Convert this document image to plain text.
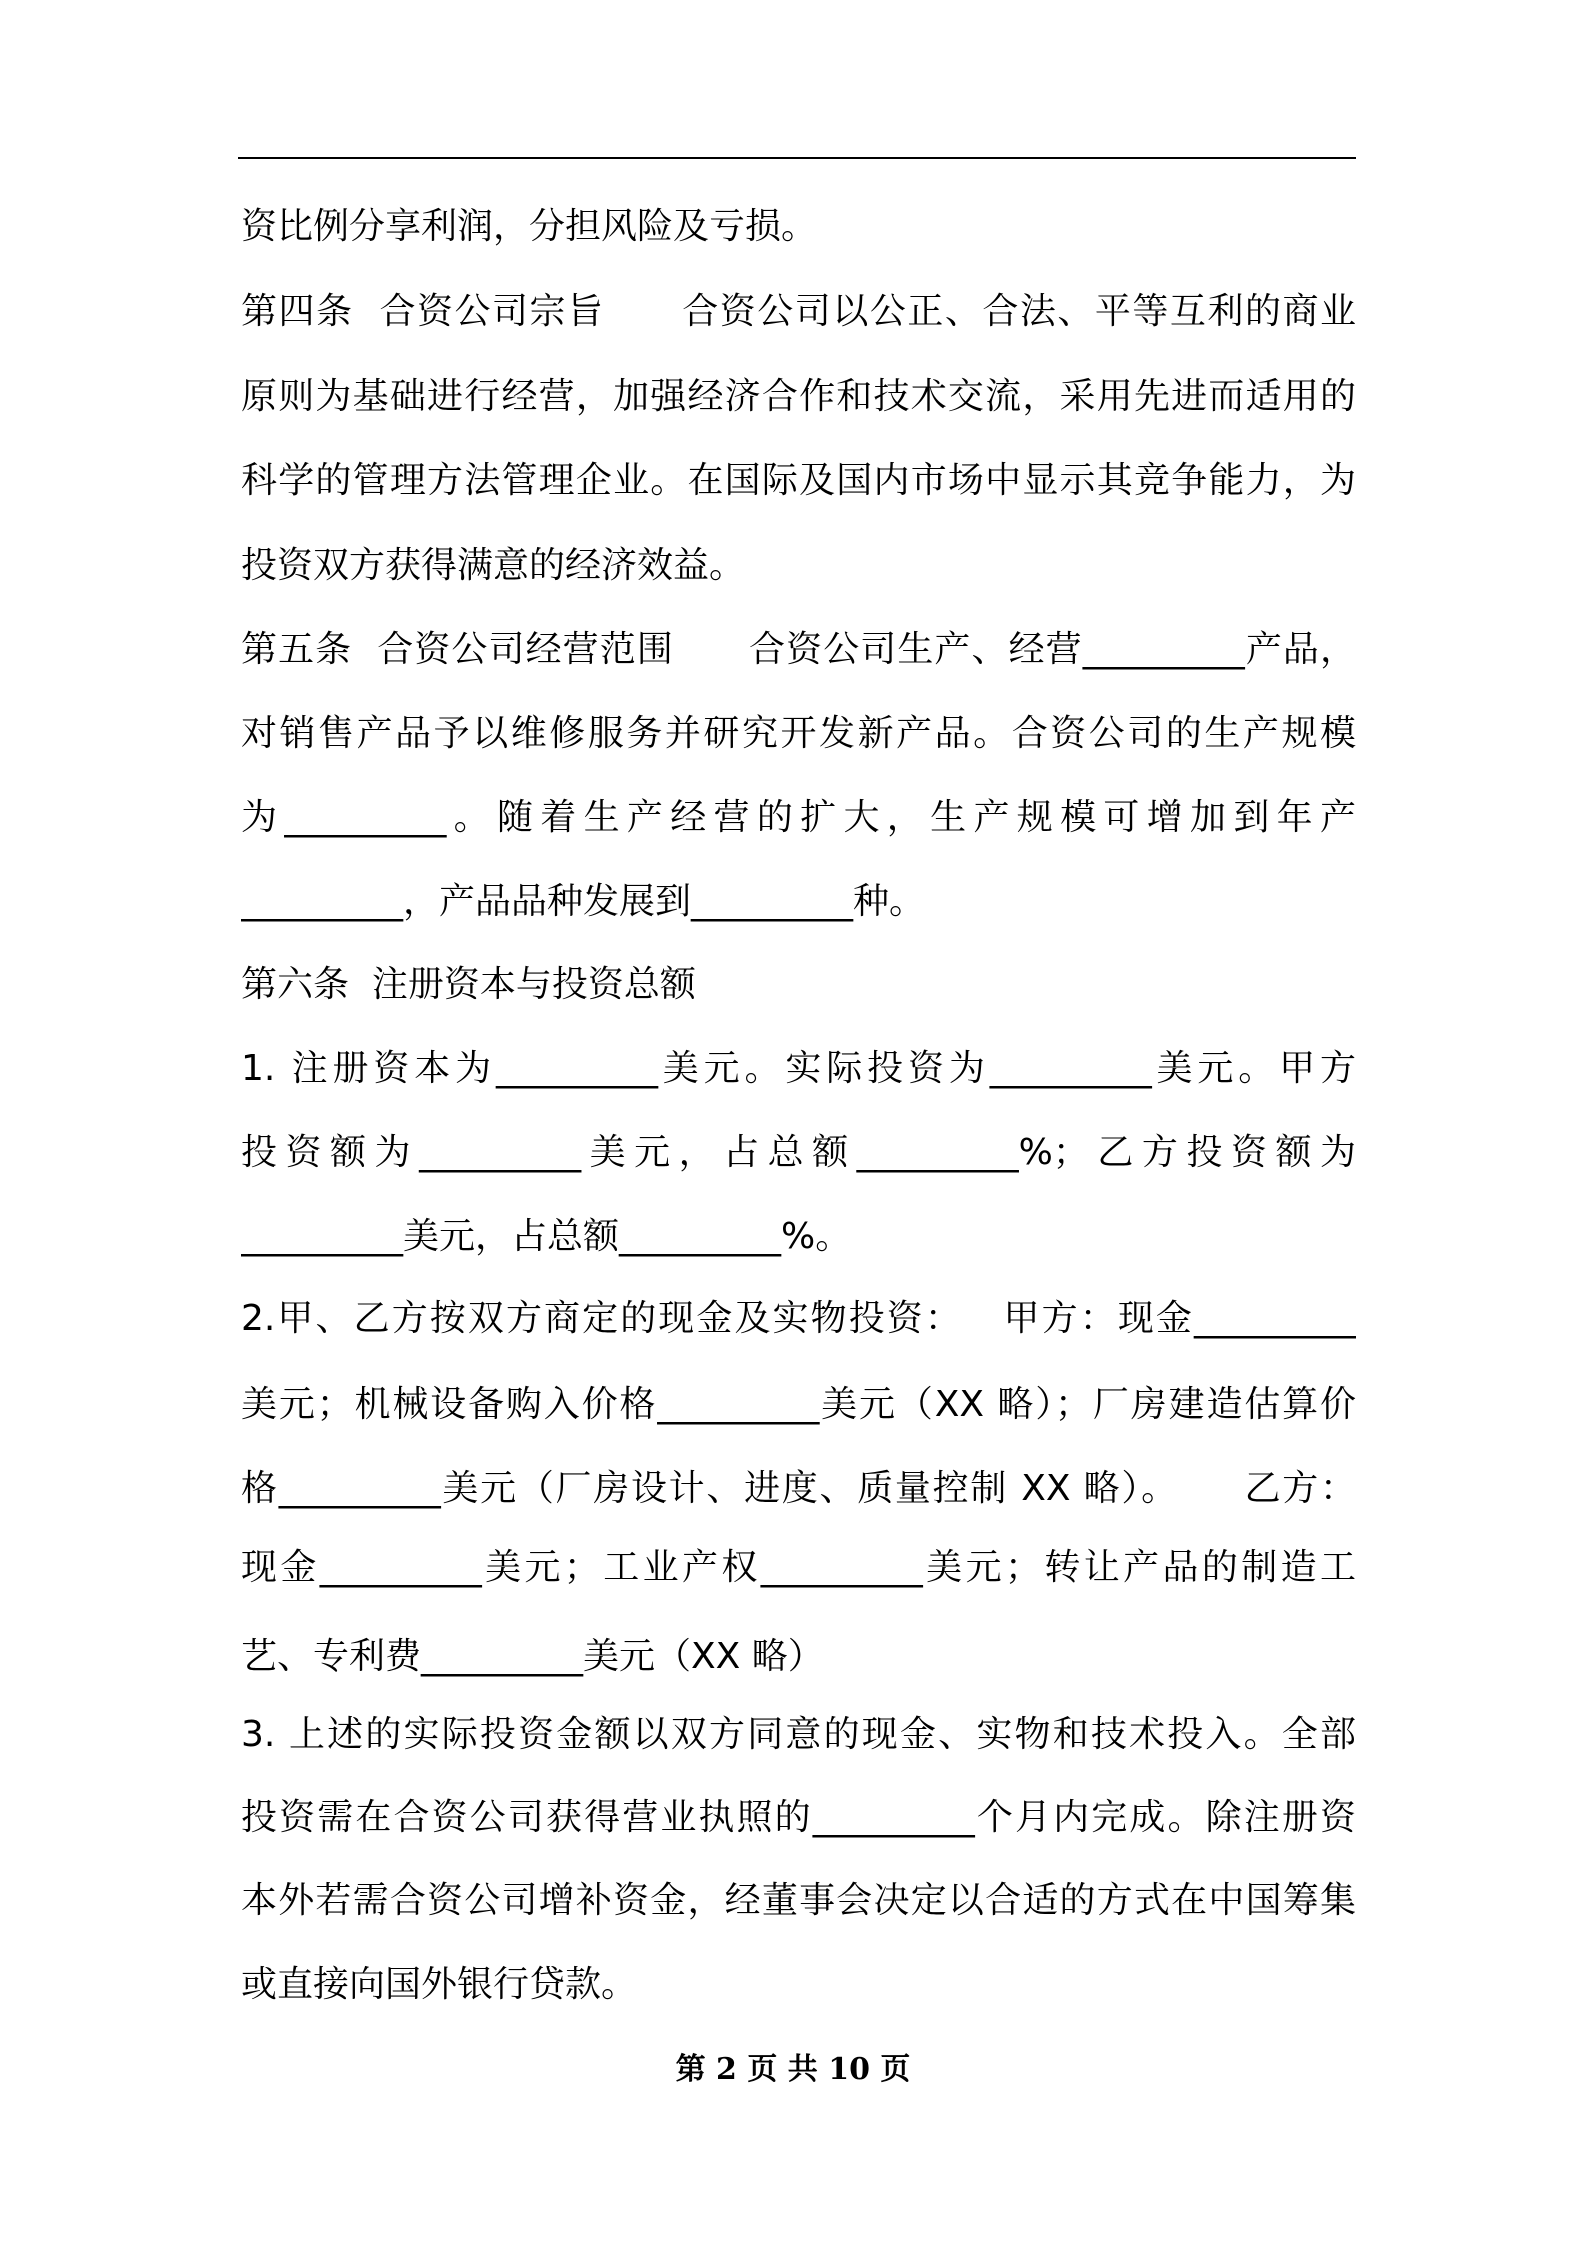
资比例分享利润，分担风险及亏损。
第四条  合资公司宗旨      合资公司以公正、合法、平等互利的商业
原则为基础进行经营，加强经济合作和技术交流，采用先进而适用的
科学的管理方法管理企业。在国际及国内市场中显示其竞争能力，为
投资双方获得满意的经济效益。
第五条  合资公司经营范围      合资公司生产、经营_________产品，
对销售产品予以维修服务并研究开发新产品。合资公司的生产规模
为_________。随着生产经营的扩大，生产规模可增加到年产
_________，产品品种发展到_________种。
第六条  注册资本与投资总额
1. 注册资本为_________美元。实际投资为_________美元。甲方
投资额为_________美元，占总额_________%；乙方投资额为
_________美元，占总额_________%。
2.甲、乙方按双方商定的现金及实物投资：   甲方：现金_________
美元；机械设备购入价格_________美元（XX 略）；厂房建造估算价
格_________美元（厂房设计、进度、质量控制 XX 略）。     乙方：
现金_________美元；工业产权_________美元；转让产品的制造工
艺、专利费_________美元（XX 略）
3. 上述的实际投资金额以双方同意的现金、实物和技术投入。全部
投资需在合资公司获得营业执照的_________个月内完成。除注册资
本外若需合资公司增补资金，经董事会决定以合适的方式在中国筹集
或直接向国外银行贷款。
第 2 页 共 10 页
